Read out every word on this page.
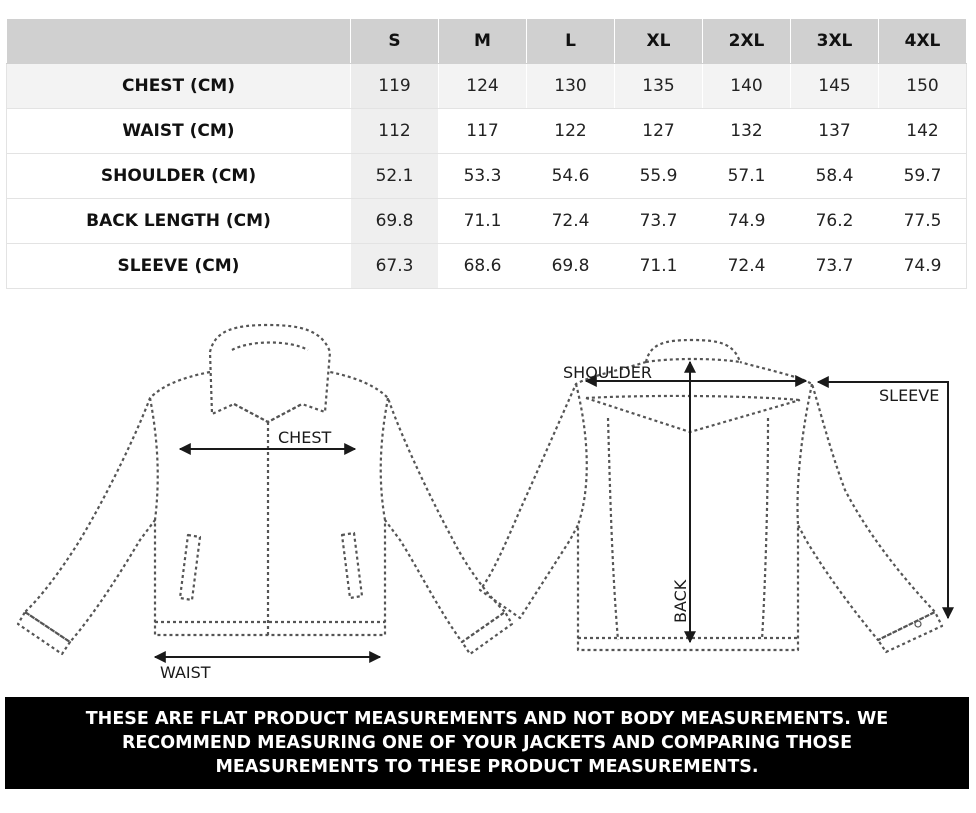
	S	M	L	XL	2XL	3XL	4XL
CHEST (CM)	119	124	130	135	140	145	150
WAIST (CM)	112	117	122	127	132	137	142
SHOULDER (CM)	52.1	53.3	54.6	55.9	57.1	58.4	59.7
BACK LENGTH (CM)	69.8	71.1	72.4	73.7	74.9	76.2	77.5
SLEEVE (CM)	67.3	68.6	69.8	71.1	72.4	73.7	74.9
CHEST
WAIST
SHOULDER
BACK
SLEEVE

THESE ARE FLAT PRODUCT MEASUREMENTS AND NOT BODY MEASUREMENTS. WE RECOMMEND MEASURING ONE OF YOUR JACKETS AND COMPARING THOSE MEASUREMENTS TO THESE PRODUCT MEASUREMENTS.
